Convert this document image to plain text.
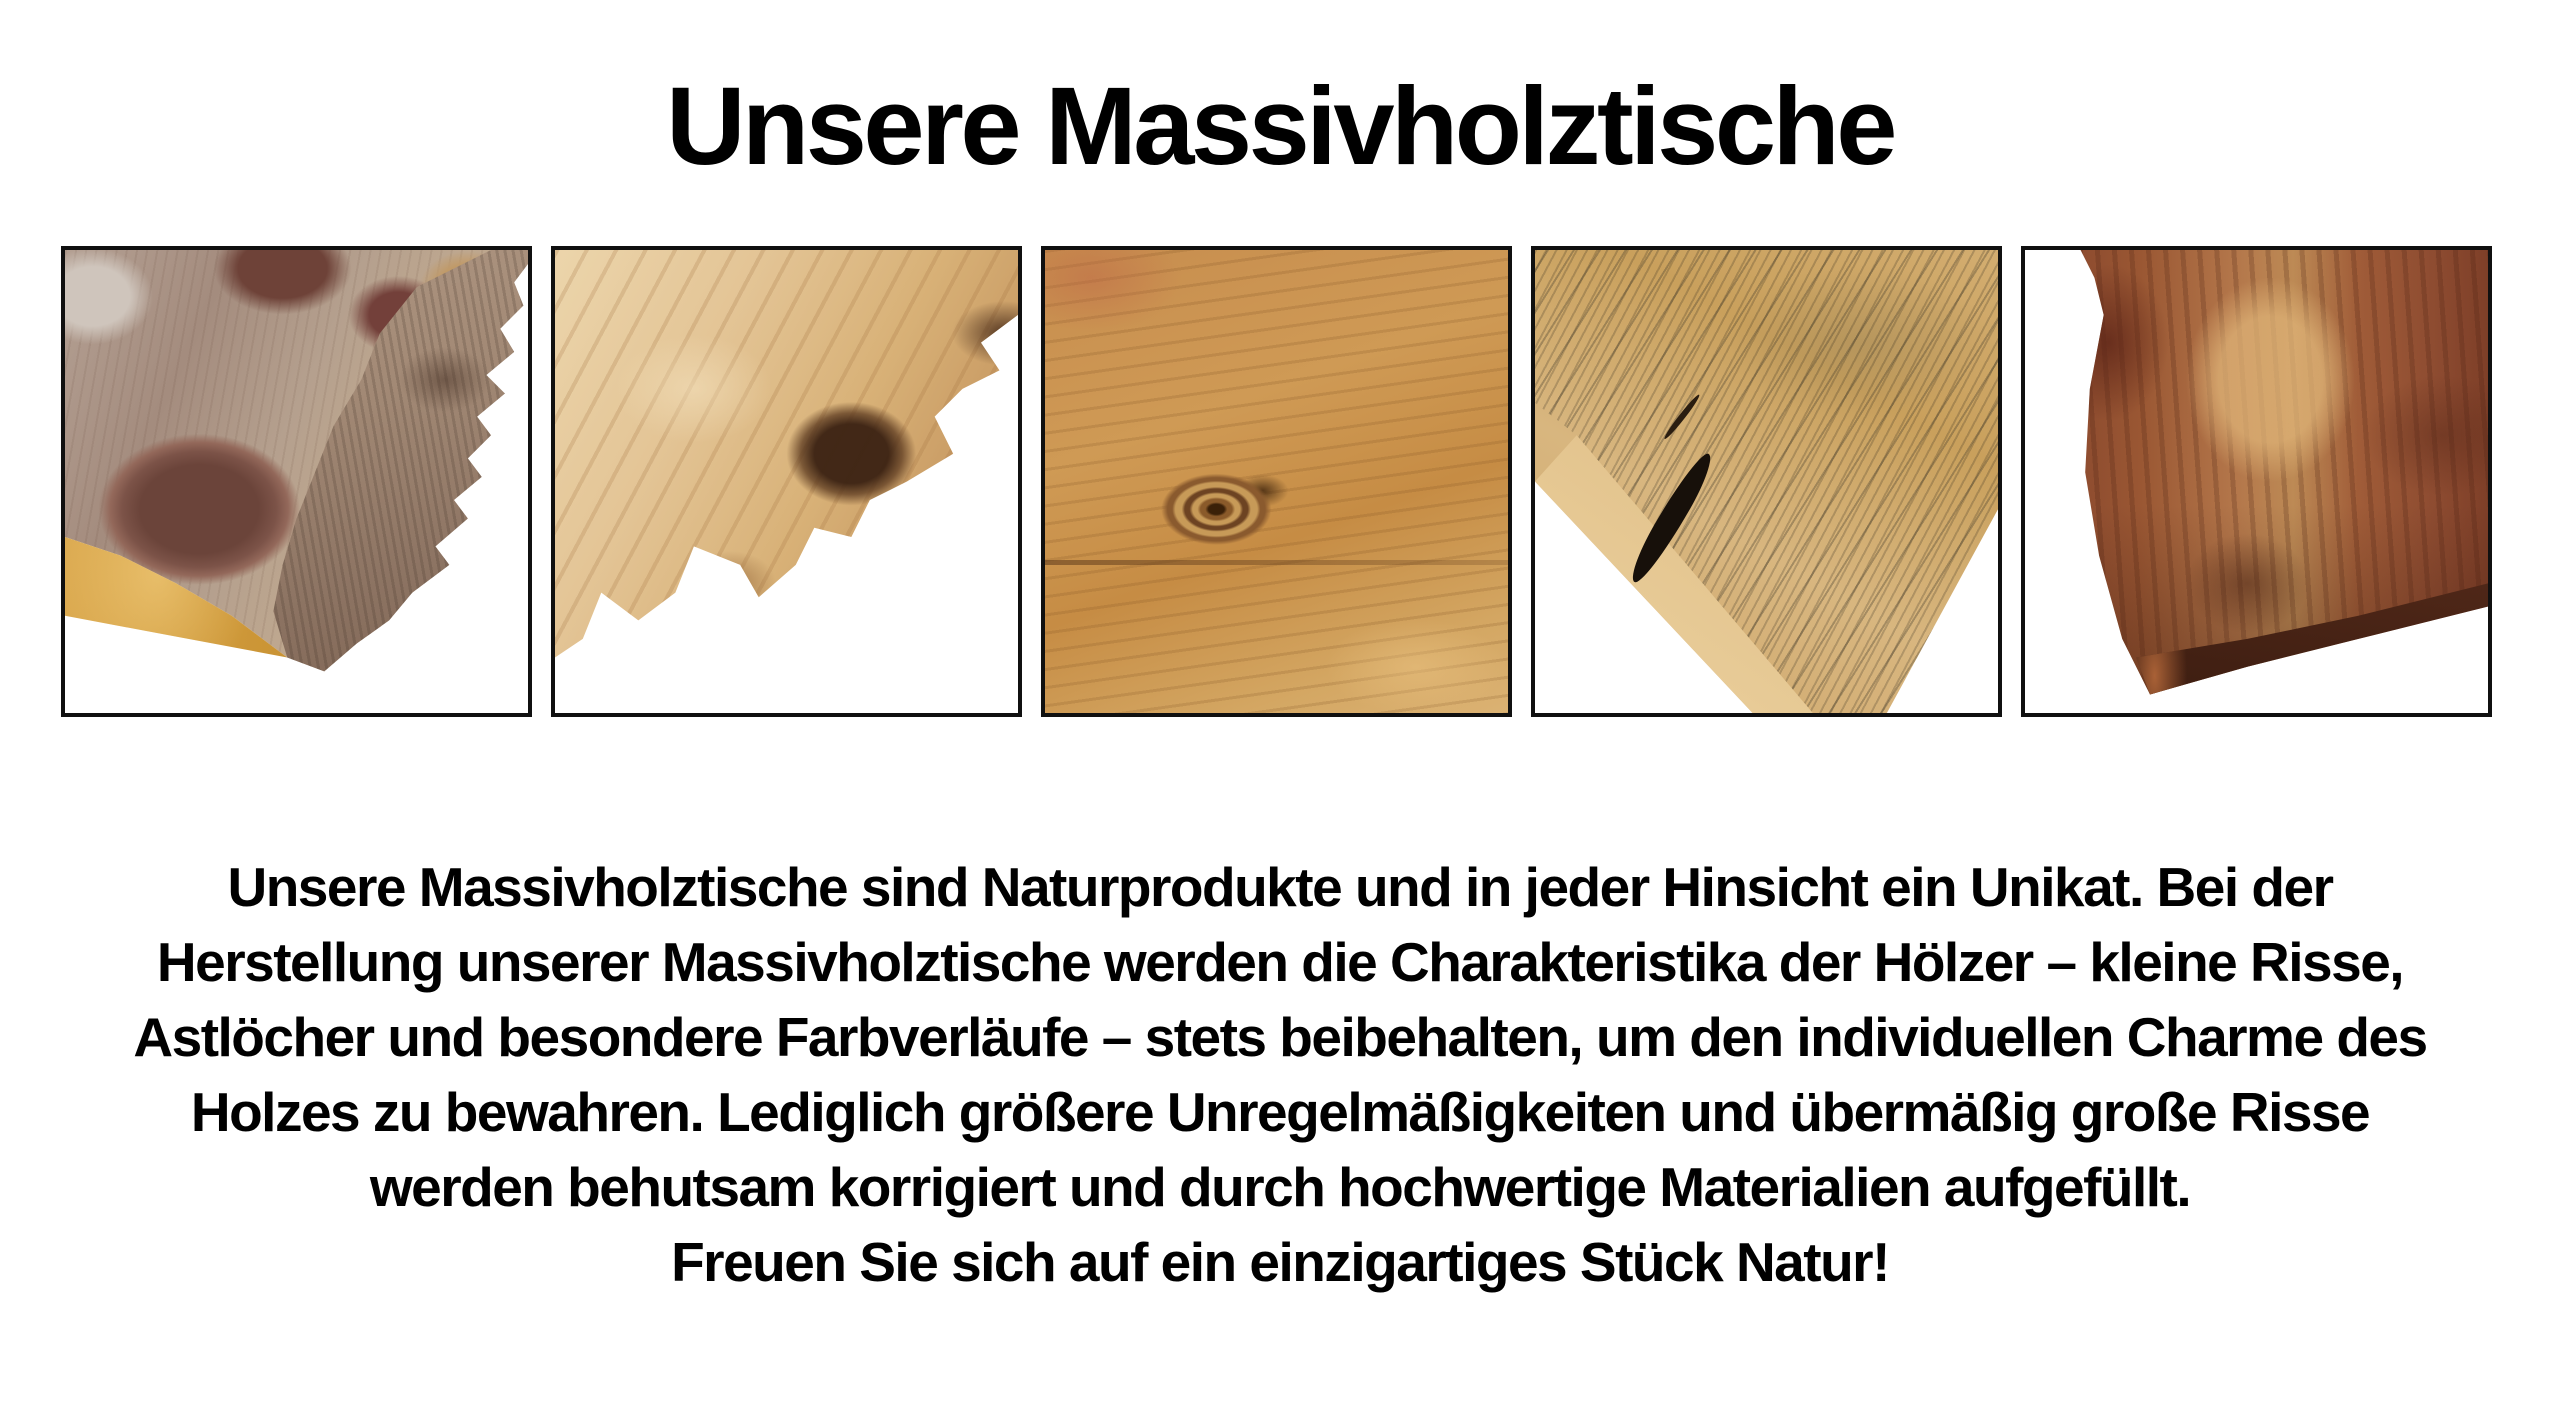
Unsere Massivholztische
Unsere Massivholztische sind Naturprodukte und in jeder Hinsicht ein Unikat. Bei der
Herstellung unserer Massivholztische werden die Charakteristika der Hölzer – kleine Risse,
Astlöcher und besondere Farbverläufe – stets beibehalten, um den individuellen Charme des
Holzes zu bewahren. Lediglich größere Unregelmäßigkeiten und übermäßig große Risse
werden behutsam korrigiert und durch hochwertige Materialien aufgefüllt.
Freuen Sie sich auf ein einzigartiges Stück Natur!
